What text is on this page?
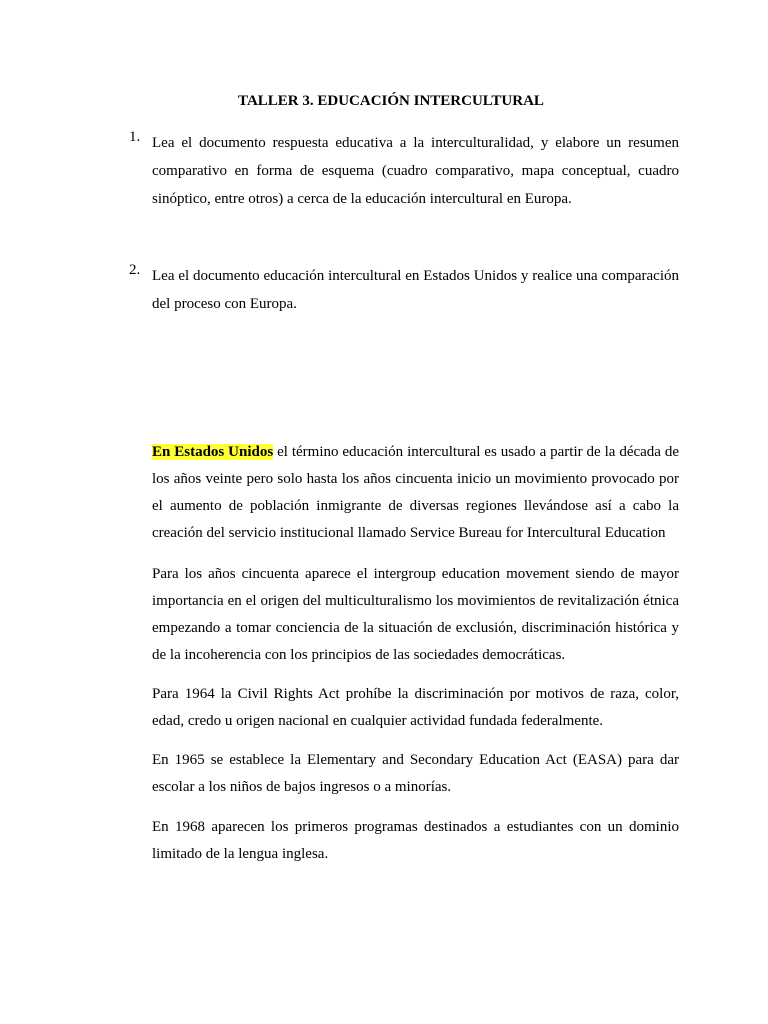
TALLER 3. EDUCACIÓN INTERCULTURAL
1. Lea el documento respuesta educativa a la interculturalidad, y elabore un resumen comparativo en forma de esquema (cuadro comparativo, mapa conceptual, cuadro sinóptico, entre otros) a cerca de la educación intercultural en Europa.
2. Lea el documento educación intercultural en Estados Unidos y realice una comparación del proceso con Europa.

En Estados Unidos el término educación intercultural es usado a partir de la década de los años veinte pero solo hasta los años cincuenta inicio un movimiento provocado por el aumento de población inmigrante de diversas regiones llevándose así a cabo la creación del servicio institucional llamado Service Bureau for Intercultural Education

Para los años cincuenta aparece el intergroup education movement siendo de mayor importancia en el origen del multiculturalismo los movimientos de revitalización étnica empezando a tomar conciencia de la situación de exclusión, discriminación histórica y de la incoherencia con los principios de las sociedades democráticas.

Para 1964 la Civil Rights Act prohíbe la discriminación por motivos de raza, color, edad, credo u origen nacional en cualquier actividad fundada federalmente.

En 1965 se establece la Elementary and Secondary Education Act (EASA) para dar escolar a los niños de bajos ingresos o a minorías.

En 1968 aparecen los primeros programas destinados a estudiantes con un dominio limitado de la lengua inglesa.
